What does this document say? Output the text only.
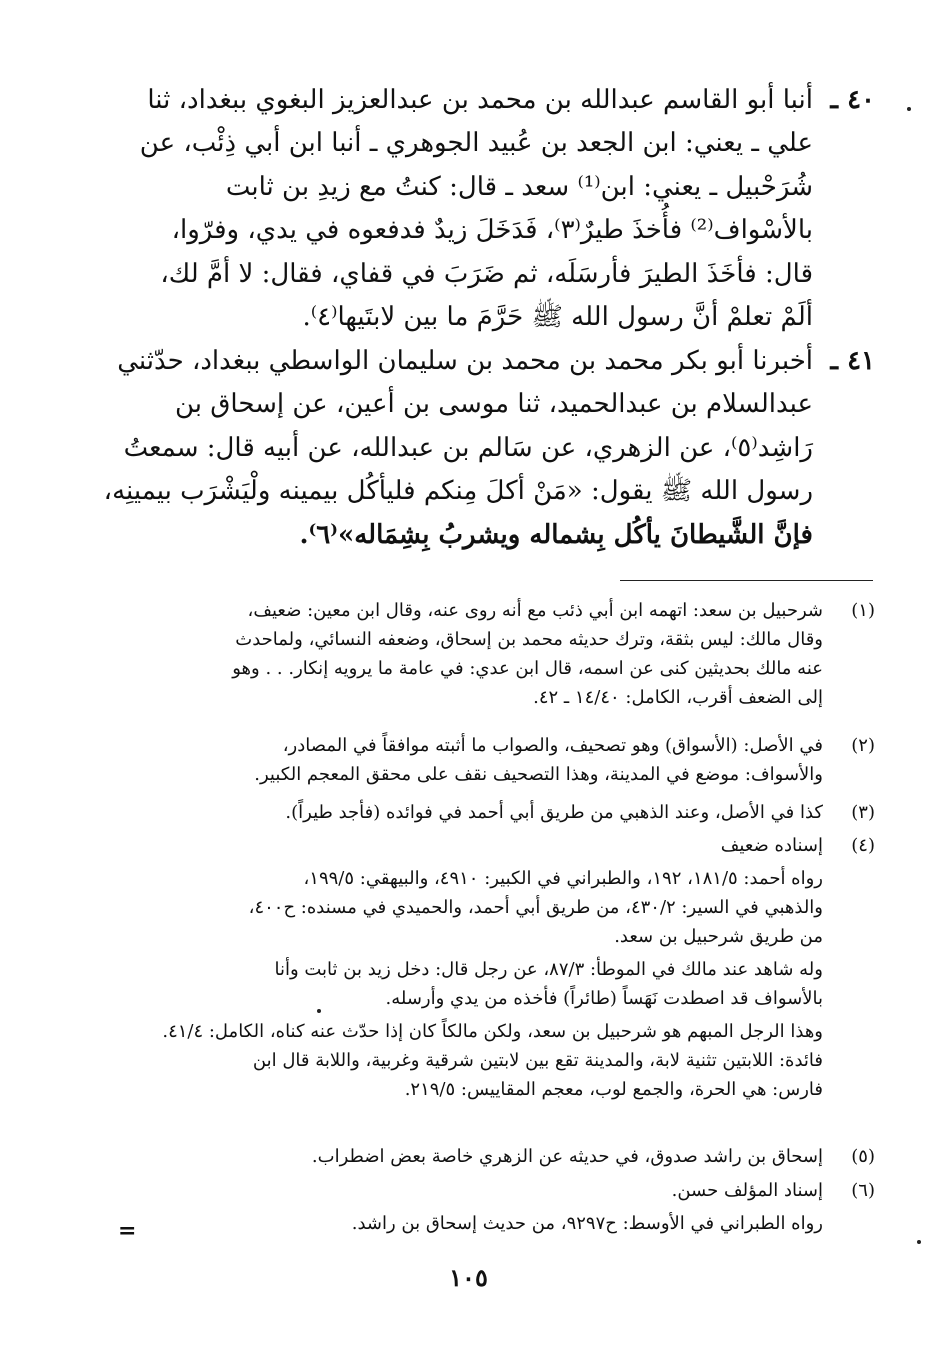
٤٠ ـ

أنبا أبو القاسم عبدالله بن محمد بن عبدالعزيز البغوي ببغداد، ثنا

علي ـ يعني: ابن الجعد بن عُبيد الجوهري ـ أنبا ابن أبي ذِئْب، عن

شُرَحْبيل ـ يعني: ابن⁽¹⁾ سعد ـ قال: كنتُ مع زيدِ بن ثابت

بالأسْواف⁽²⁾ فأُخذَ طيرٌ⁽٣⁾، فَدَخَلَ زيدٌ فدفعوه في يدي، وفرّوا،

قال: فأخَذَ الطيرَ فأرسَلَه، ثم ضَرَبَ في قفاي، فقال: لا أمَّ لك،

ألَمْ تعلمْ أنَّ رسول الله ﷺ حَرَّمَ ما بين لابتَيها⁽٤⁾.

٤١ ـ

أخبرنا أبو بكر محمد بن محمد بن سليمان الواسطي ببغداد، حدّثني

عبدالسلام بن عبدالحميد، ثنا موسى بن أعين، عن إسحاق بن

رَاشِد⁽٥⁾، عن الزهري، عن سَالم بن عبدالله، عن أبيه قال: سمعتُ

رسول الله ﷺ يقول: «مَنْ أكلَ مِنكم فليأكُل بيمينه ولْيَشْرَب بيمينِه،

فإنَّ الشَّيطانَ يأكُل بِشماله ويشربُ بِشِمَاله»⁽٦⁾.

(١)

شرحبيل بن سعد: اتهمه ابن أبي ذئب مع أنه روى عنه، وقال ابن معين: ضعيف،

وقال مالك: ليس بثقة، وترك حديثه محمد بن إسحاق، وضعفه النسائي، ولماحدث

عنه مالك بحديثين كنى عن اسمه، قال ابن عدي: في عامة ما يرويه إنكار. . . وهو

إلى الضعف أقرب، الكامل: ١٤/٤٠ ـ ٤٢.

(٢)

في الأصل: (الأسواق) وهو تصحيف، والصواب ما أثبته موافقاً في المصادر،

والأسواف: موضع في المدينة، وهذا التصحيف نقف على محقق المعجم الكبير.

(٣)

كذا في الأصل، وعند الذهبي من طريق أبي أحمد في فوائده (فأجد طيراً).

(٤)

إسناده ضعيف

رواه أحمد: ١٨١/٥، ١٩٢، والطبراني في الكبير: ٤٩١٠، والبيهقي: ١٩٩/٥،

والذهبي في السير: ٤٣٠/٢، من طريق أبي أحمد، والحميدي في مسنده: ح٤٠٠،

من طريق شرحبيل بن سعد.

وله شاهد عند مالك في الموطأ: ٨٧/٣، عن رجل قال: دخل زيد بن ثابت وأنا

بالأسواف قد اصطدت نَهَساً (طائراً) فأخذه من يدي وأرسله.

وهذا الرجل المبهم هو شرحبيل بن سعد، ولكن مالكاً كان إذا حدّث عنه كناه، الكامل: ٤١/٤.

فائدة: اللابتين تثنية لابة، والمدينة تقع بين لابتين شرقية وغربية، واللابة قال ابن

فارس: هي الحرة، والجمع لوب، معجم المقاييس: ٢١٩/٥.

(٥)

إسحاق بن راشد صدوق، في حديثه عن الزهري خاصة بعض اضطراب.

(٦)

إسناد المؤلف حسن.

رواه الطبراني في الأوسط: ح٩٢٩٧، من حديث إسحاق بن راشد.

=
١٠٥
